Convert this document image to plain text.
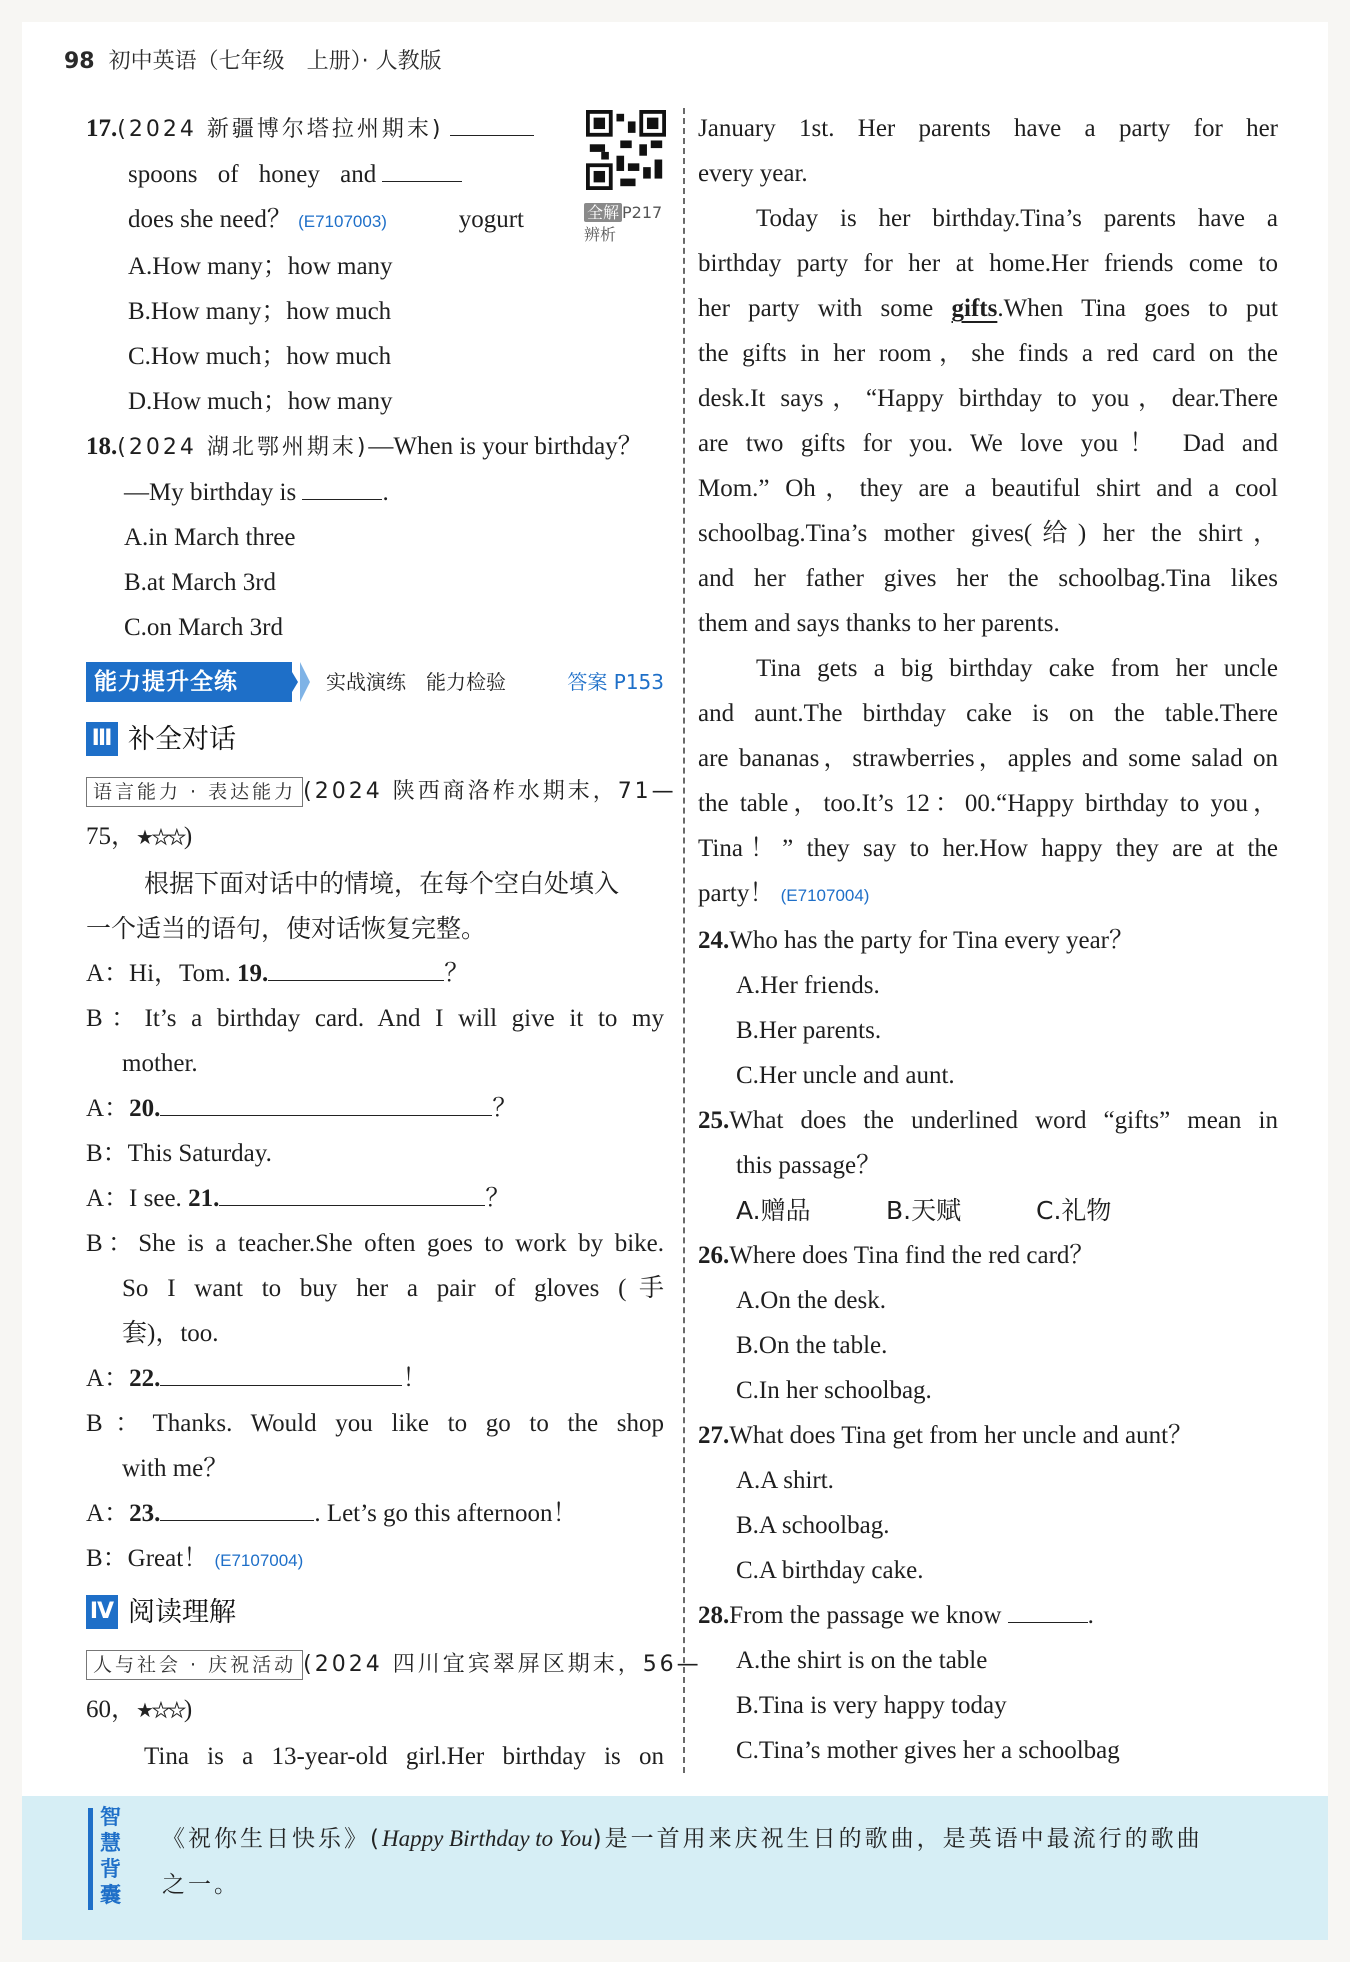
98 初中英语（七年级　上册）· 人教版
全解 P217　辨析
17.(2024 新疆博尔塔拉州期末)
spoons of honey and
yogurt
does she need？ (E7107003)
A.How many；how many
B.How many；how much
C.How much；how much
D.How much；how many
18.(2024 湖北鄂州期末)—When is your birthday？
—My birthday is	.
A.in March three
B.at March 3rd
C.on March 3rd
能力提升全练	实战演练　能力检验	答案 P153
Ⅲ 补全对话
语言能力 · 表达能力 (2024 陕西商洛柞水期末，71—
75，★★★)
根据下面对话中的情境，在每个空白处填入
一个适当的语句，使对话恢复完整。
A：Hi，Tom. 19.	？
B：It’s a birthday card. And I will give it to my
mother.
A：20.	？
B：This Saturday.
A：I see. 21.	？
B：She is a teacher.She often goes to work by bike.
So I want to buy her a pair of gloves (手
套)，too.
A：22.	！
B：Thanks. Would you like to go to the shop
with me？
A：23.	. Let’s go this afternoon！
B：Great！ (E7107004)
Ⅳ 阅读理解
人与社会 · 庆祝活动 (2024 四川宜宾翠屏区期末，56—
60，★★★)
Tina is a 13-year-old girl.Her birthday is on
January 1st. Her parents have a party for her
every year.
Today is her birthday.Tina’s parents have a
birthday party for her at home.Her friends come to
her party with some gifts.When Tina goes to put
the gifts in her room，she finds a red card on the
desk.It says，“Happy birthday to you，dear.There
are two gifts for you. We love you！ Dad and
Mom.” Oh，they are a beautiful shirt and a cool
schoolbag.Tina’s mother gives(给) her the shirt，
and her father gives her the schoolbag.Tina likes
them and says thanks to her parents.
Tina gets a big birthday cake from her uncle
and aunt.The birthday cake is on the table.There
are bananas，strawberries，apples and some salad on
the table，too.It’s 12：00.“Happy birthday to you，
Tina！” they say to her.How happy they are at the
party！ (E7107004)
24.Who has the party for Tina every year？
A.Her friends.
B.Her parents.
C.Her uncle and aunt.
25.What does the underlined word “gifts” mean in
this passage？
A.赠品	B.天赋	C.礼物
26.Where does Tina find the red card？
A.On the desk.
B.On the table.
C.In her schoolbag.
27.What does Tina get from her uncle and aunt？
A.A shirt.
B.A schoolbag.
C.A birthday cake.
28.From the passage we know	.
A.the shirt is on the table
B.Tina is very happy today
C.Tina’s mother gives her a schoolbag
智慧背囊
《祝你生日快乐》(Happy Birthday to You)是一首用来庆祝生日的歌曲，是英语中最流行的歌曲
之一。
